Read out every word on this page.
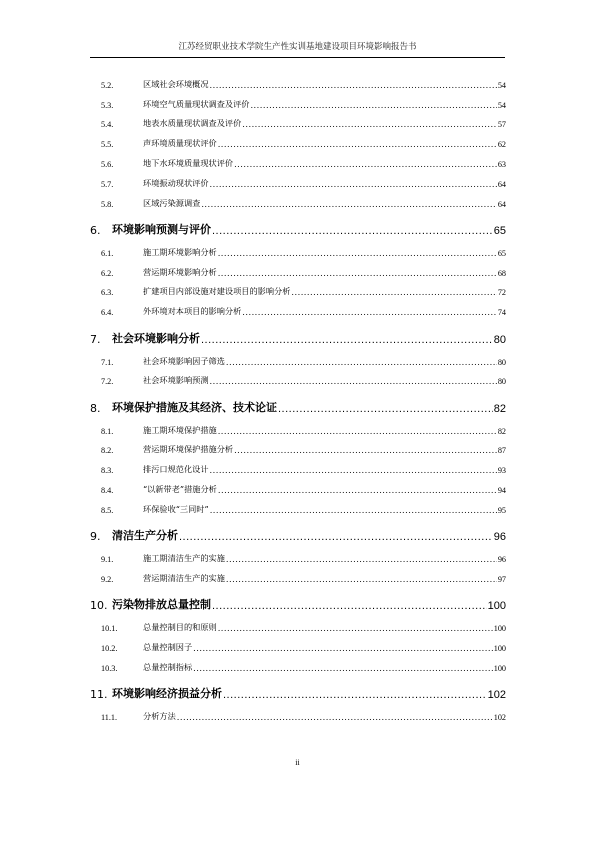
江苏经贸职业技术学院生产性实训基地建设项目环境影响报告书
5.2.	区域社会环境概况 .....	54
5.3.	环境空气质量现状调查及评价 .....	54
5.4.	地表水质量现状调查及评价 .....	57
5.5.	声环境质量现状评价 .....	62
5.6.	地下水环境质量现状评价 .....	63
5.7.	环境振动现状评价 .....	64
5.8.	区域污染源调查 .....	64
6.	环境影响预测与评价 .....	65
6.1.	施工期环境影响分析 .....	65
6.2.	营运期环境影响分析 .....	68
6.3.	扩建项目内部设施对建设项目的影响分析 .....	72
6.4.	外环境对本项目的影响分析 .....	74
7.	社会环境影响分析 .....	80
7.1.	社会环境影响因子筛选 .....	80
7.2.	社会环境影响预测 .....	80
8.	环境保护措施及其经济、技术论证 .....	82
8.1.	施工期环境保护措施 .....	82
8.2.	营运期环境保护措施分析 .....	87
8.3.	排污口规范化设计 .....	93
8.4.	“以新带老”措施分析 .....	94
8.5.	环保验收“三同时” .....	95
9.	清洁生产分析 .....	96
9.1.	施工期清洁生产的实施 .....	96
9.2.	营运期清洁生产的实施 .....	97
10. 污染物排放总量控制 .....	100
10.1.	总量控制目的和原则 .....	100
10.2.	总量控制因子 .....	100
10.3.	总量控制指标 .....	100
11. 环境影响经济损益分析 .....	102
11.1.	分析方法 .....	102
ii
